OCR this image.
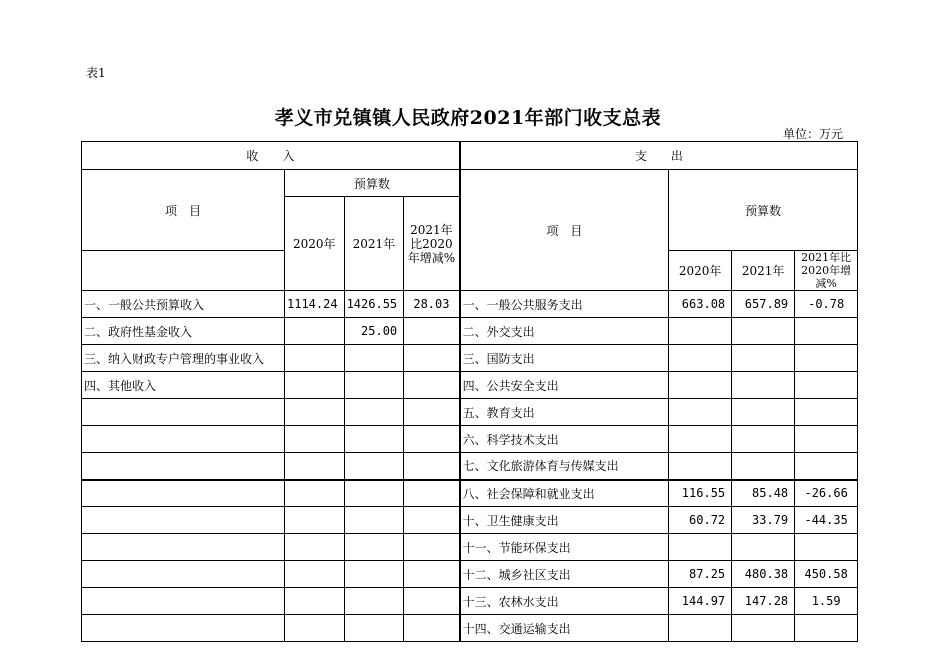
表1
孝义市兑镇镇人民政府2021年部门收支总表
单位：万元
收　　入				支　　出			
项　目	预算数			项　目	预算数		
	2020年	2021年	2021年比2020年增减%				
					2020年	2021年	2021年比2020年增减%
一、一般公共预算收入	1114.24	1426.55	28.03	一、一般公共服务支出	663.08	657.89	-0.78
二、政府性基金收入		25.00		二、外交支出			
三、纳入财政专户管理的事业收入				三、国防支出			
四、其他收入				四、公共安全支出			
				五、教育支出			
				六、科学技术支出			
				七、文化旅游体育与传媒支出			
				八、社会保障和就业支出	116.55	85.48	-26.66
				十、卫生健康支出	60.72	33.79	-44.35
				十一、节能环保支出			
				十二、城乡社区支出	87.25	480.38	450.58
				十三、农林水支出	144.97	147.28	1.59
				十四、交通运输支出			
